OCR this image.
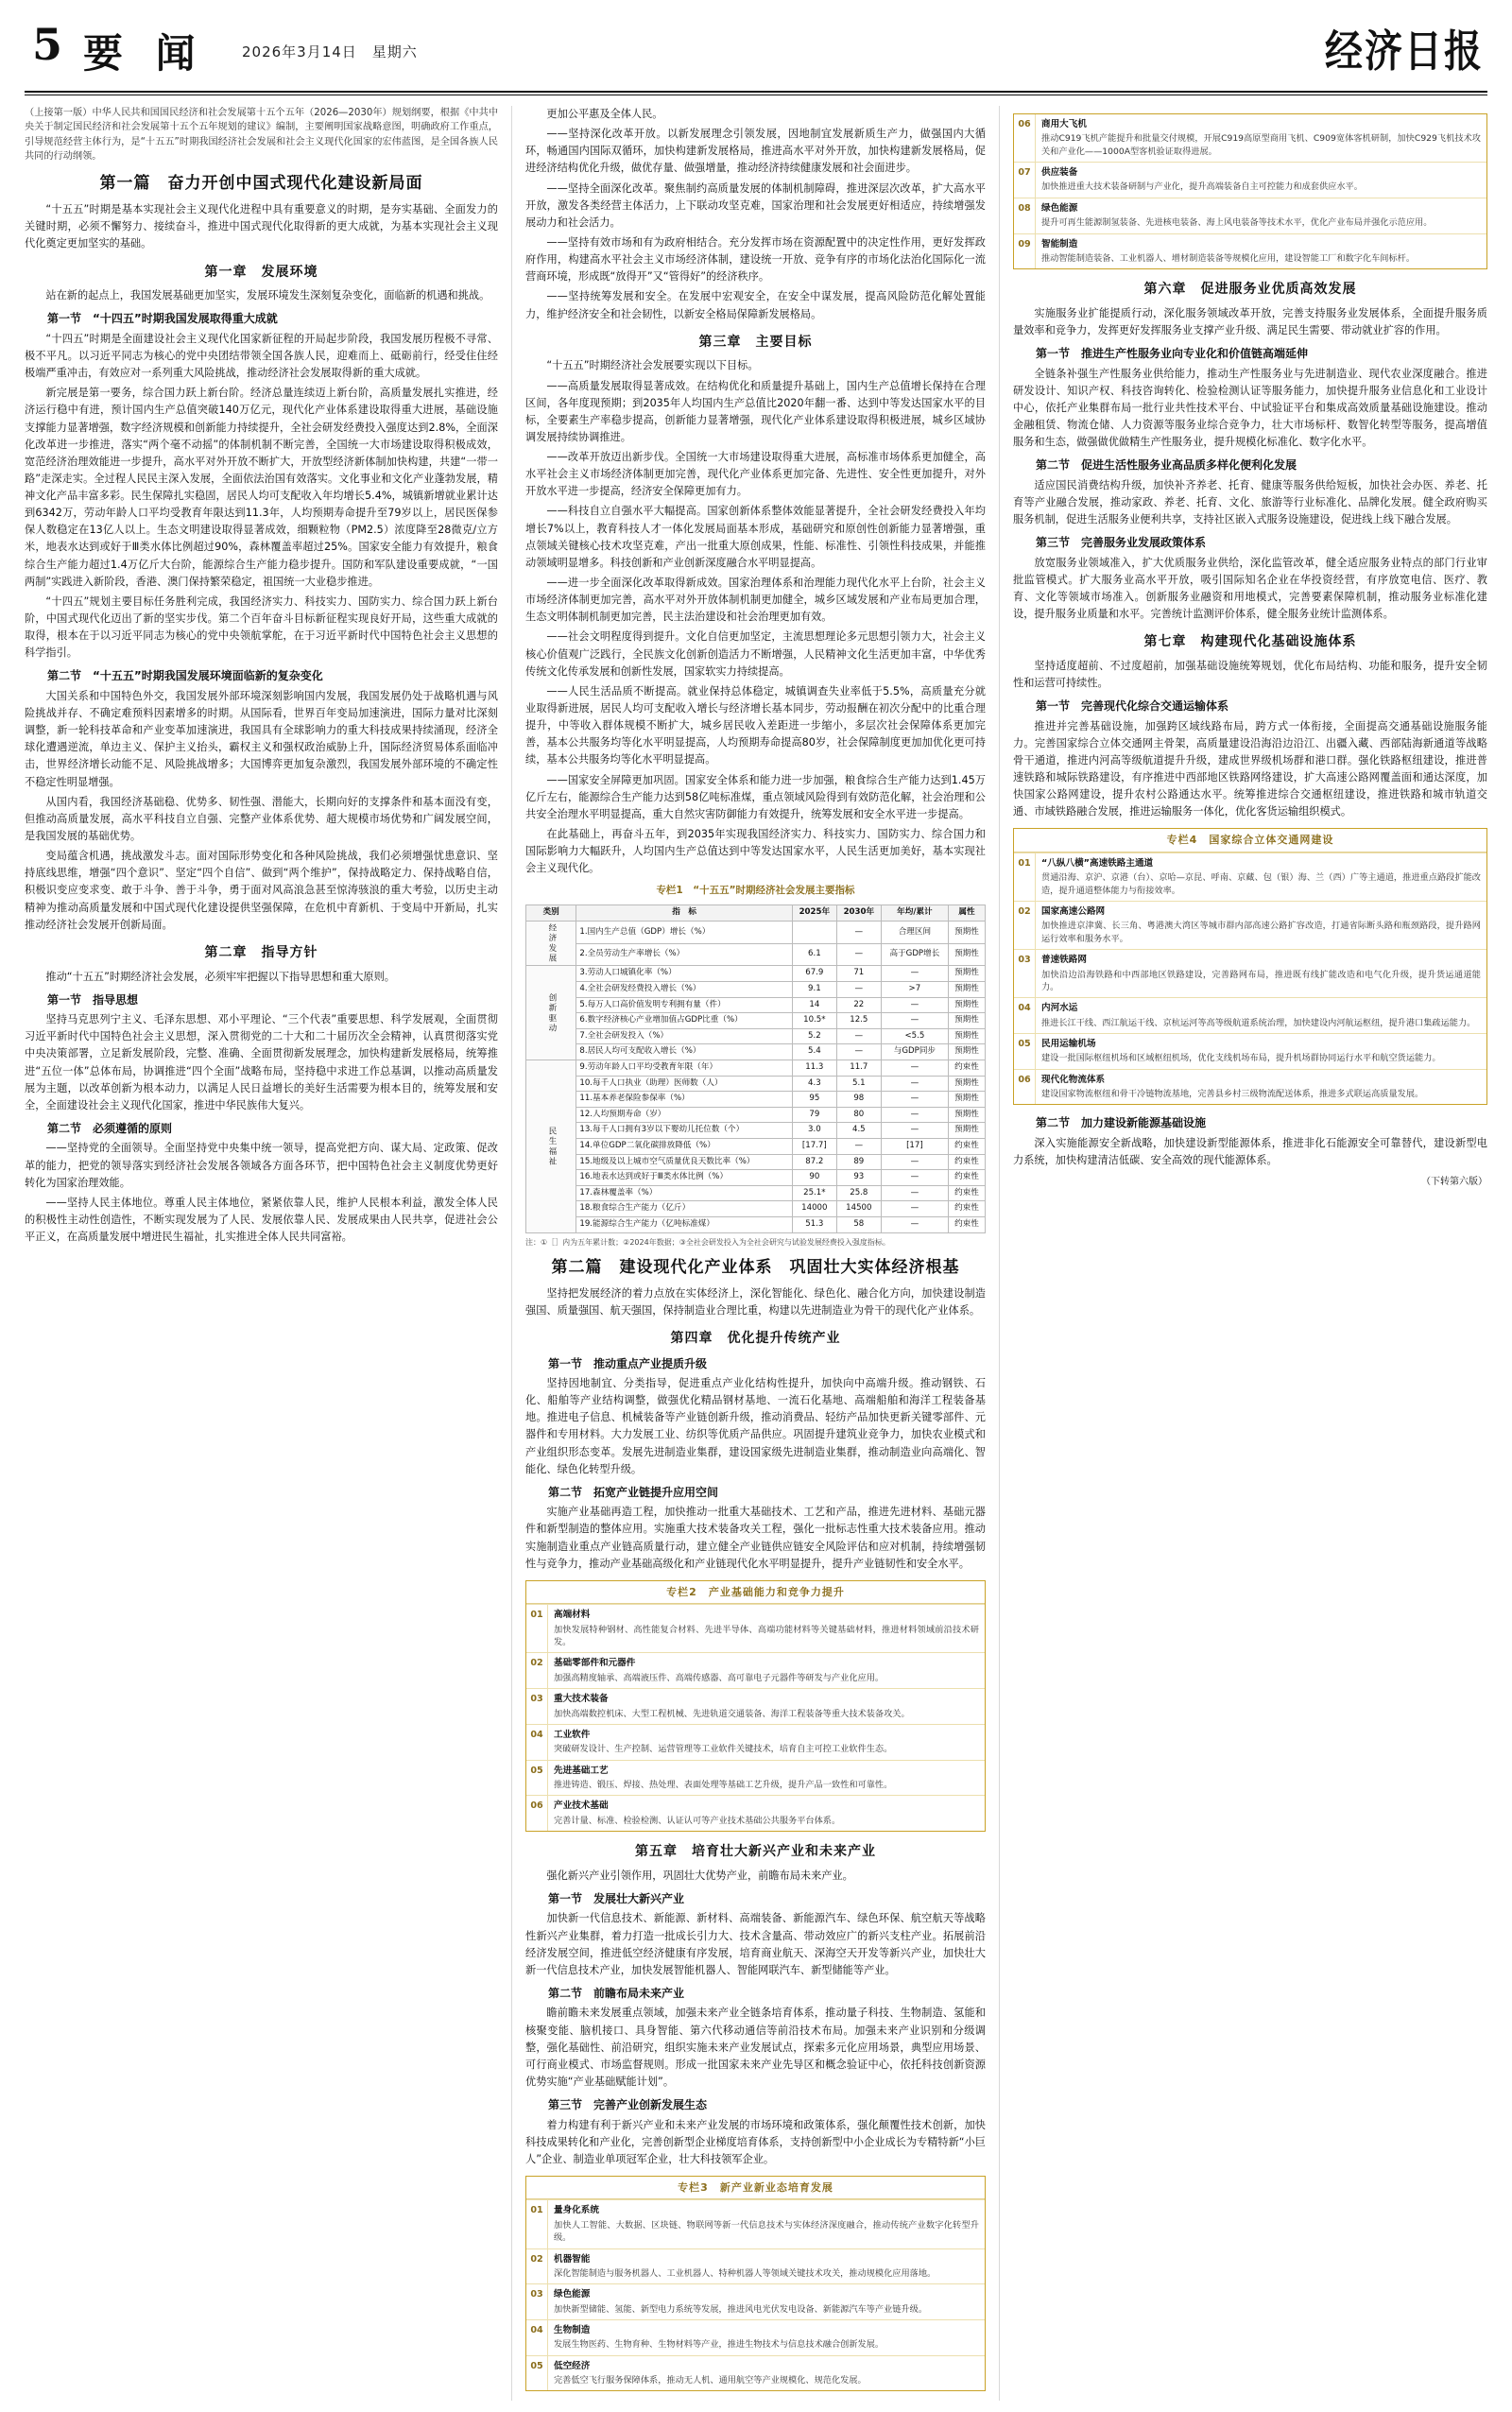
5 要 闻	2026年3月14日　星期六	经济日报

（上接第一版）中华人民共和国国民经济和社会发展第十五个五年（2026—2030年）规划纲要，根据《中共中央关于制定国民经济和社会发展第十五个五年规划的建议》编制，主要阐明国家战略意图，明确政府工作重点，引导规范经营主体行为，是“十五五”时期我国经济社会发展和社会主义现代化国家的宏伟蓝图，是全国各族人民共同的行动纲领。

第一篇　奋力开创中国式现代化建设新局面

“十五五”时期是基本实现社会主义现代化进程中具有重要意义的时期，是夯实基础、全面发力的关键时期，必须不懈努力、接续奋斗，推进中国式现代化取得新的更大成就，为基本实现社会主义现代化奠定更加坚实的基础。

第一章　发展环境

站在新的起点上，我国发展基础更加坚实，发展环境发生深刻复杂变化，面临新的机遇和挑战。

第一节　“十四五”时期我国发展取得重大成就

“十四五”时期是全面建设社会主义现代化国家新征程的开局起步阶段，我国发展历程极不寻常、极不平凡。以习近平同志为核心的党中央团结带领全国各族人民，迎难而上、砥砺前行，经受住住经极端严重冲击，有效应对一系列重大风险挑战，推动经济社会发展取得新的重大成就。

新完展是第一要务，综合国力跃上新台阶。经济总量连续迈上新台阶，高质量发展扎实推进，经济运行稳中有进，预计国内生产总值突破140万亿元，现代化产业体系建设取得重大进展，基础设施支撑能力显著增强，数字经济规模和创新能力持续提升，全社会研发经费投入强度达到2.8%，全面深化改革进一步推进，落实“两个毫不动摇”的体制机制不断完善，全国统一大市场建设取得积极成效，宽范经济治理效能进一步提升，高水平对外开放不断扩大，开放型经济新体制加快构建，共建“一带一路”走深走实。全过程人民民主深入发展，全面依法治国有效落实。文化事业和文化产业蓬勃发展，精神文化产品丰富多彩。民生保障扎实稳固，居民人均可支配收入年均增长5.4%，城镇新增就业累计达到6342万，劳动年龄人口平均受教育年限达到11.3年，人均预期寿命提升至79岁以上，居民医保参保人数稳定在13亿人以上。生态文明建设取得显著成效，细颗粒物（PM2.5）浓度降至28微克/立方米，地表水达到或好于Ⅲ类水体比例超过90%，森林覆盖率超过25%。国家安全能力有效提升，粮食综合生产能力超过1.4万亿斤大台阶，能源综合生产能力稳步提升。国防和军队建设重要成就，“一国两制”实践进入新阶段，香港、澳门保持繁荣稳定，祖国统一大业稳步推进。

“十四五”规划主要目标任务胜利完成，我国经济实力、科技实力、国防实力、综合国力跃上新台阶，中国式现代化迈出了新的坚实步伐。第二个百年奋斗目标新征程实现良好开局，这些重大成就的取得，根本在于以习近平同志为核心的党中央领航掌舵，在于习近平新时代中国特色社会主义思想的科学指引。

第二节　“十五五”时期我国发展环境面临新的复杂变化

大国关系和中国特色外交，我国发展外部环境深刻影响国内发展，我国发展仍处于战略机遇与风险挑战并存、不确定难预料因素增多的时期。从国际看，世界百年变局加速演进，国际力量对比深刻调整，新一轮科技革命和产业变革加速演进，我国具有全球影响力的重大科技成果持续涌现，经济全球化遭遇逆流，单边主义、保护主义抬头，霸权主义和强权政治威胁上升，国际经济贸易体系面临冲击，世界经济增长动能不足、风险挑战增多；大国博弈更加复杂激烈，我国发展外部环境的不确定性不稳定性明显增强。

从国内看，我国经济基础稳、优势多、韧性强、潜能大，长期向好的支撑条件和基本面没有变，但推动高质量发展，高水平科技自立自强、完整产业体系优势、超大规模市场优势和广阔发展空间，是我国发展的基础优势。

变局蕴含机遇，挑战激发斗志。面对国际形势变化和各种风险挑战，我们必须增强忧患意识、坚持底线思维，增强“四个意识”、坚定“四个自信”、做到“两个维护”，保持战略定力、保持战略自信，积极识变应变求变、敢于斗争、善于斗争，勇于面对风高浪急甚至惊涛骇浪的重大考验，以历史主动精神为推动高质量发展和中国式现代化建设提供坚强保障，在危机中育新机、于变局中开新局，扎实推动经济社会发展开创新局面。

第二章　指导方针

推动“十五五”时期经济社会发展，必须牢牢把握以下指导思想和重大原则。

第一节　指导思想

坚持马克思列宁主义、毛泽东思想、邓小平理论、“三个代表”重要思想、科学发展观，全面贯彻习近平新时代中国特色社会主义思想，深入贯彻党的二十大和二十届历次全会精神，认真贯彻落实党中央决策部署，立足新发展阶段，完整、准确、全面贯彻新发展理念，加快构建新发展格局，统筹推进“五位一体”总体布局，协调推进“四个全面”战略布局，坚持稳中求进工作总基调，以推动高质量发展为主题，以改革创新为根本动力，以满足人民日益增长的美好生活需要为根本目的，统筹发展和安全，全面建设社会主义现代化国家，推进中华民族伟大复兴。

第二节　必须遵循的原则

——坚持党的全面领导。全面坚持党中央集中统一领导，提高党把方向、谋大局、定政策、促改革的能力，把党的领导落实到经济社会发展各领域各方面各环节，把中国特色社会主义制度优势更好转化为国家治理效能。

——坚持人民主体地位。尊重人民主体地位，紧紧依靠人民，维护人民根本利益，激发全体人民的积极性主动性创造性，不断实现发展为了人民、发展依靠人民、发展成果由人民共享，促进社会公平正义，在高质量发展中增进民生福祉，扎实推进全体人民共同富裕。

更加公平惠及全体人民。

——坚持深化改革开放。以新发展理念引领发展，因地制宜发展新质生产力，做强国内大循环，畅通国内国际双循环，加快构建新发展格局，推进高水平对外开放，加快构建新发展格局，促进经济结构优化升级，做优存量、做强增量，推动经济持续健康发展和社会面进步。

——坚持全面深化改革。聚焦制约高质量发展的体制机制障碍，推进深层次改革，扩大高水平开放，激发各类经营主体活力，上下联动攻坚克难，国家治理和社会发展更好相适应，持续增强发展动力和社会活力。

——坚持有效市场和有为政府相结合。充分发挥市场在资源配置中的决定性作用，更好发挥政府作用，构建高水平社会主义市场经济体制，建设统一开放、竞争有序的市场化法治化国际化一流营商环境，形成既“放得开”又“管得好”的经济秩序。

——坚持统筹发展和安全。在发展中宏观安全，在安全中谋发展，提高风险防范化解处置能力，维护经济安全和社会韧性，以新安全格局保障新发展格局。

第三章　主要目标

“十五五”时期经济社会发展要实现以下目标。

——高质量发展取得显著成效。在结构优化和质量提升基础上，国内生产总值增长保持在合理区间，各年度现预期；到2035年人均国内生产总值比2020年翻一番、达到中等发达国家水平的目标，全要素生产率稳步提高，创新能力显著增强，现代化产业体系建设取得积极进展，城乡区域协调发展持续协调推进。

——改革开放迈出新步伐。全国统一大市场建设取得重大进展，高标准市场体系更加健全，高水平社会主义市场经济体制更加完善，现代化产业体系更加完备、先进性、安全性更加提升，对外开放水平进一步提高，经济安全保障更加有力。

——科技自立自强水平大幅提高。国家创新体系整体效能显著提升，全社会研发经费投入年均增长7%以上，教育科技人才一体化发展局面基本形成，基础研究和原创性创新能力显著增强，重点领域关键核心技术攻坚克难，产出一批重大原创成果，性能、标准性、引领性科技成果，并能推动领域明显增多。科技创新和产业创新深度融合水平明显提高。

——进一步全面深化改革取得新成效。国家治理体系和治理能力现代化水平上台阶，社会主义市场经济体制更加完善，高水平对外开放体制机制更加健全，城乡区域发展和产业布局更加合理，生态文明体制机制更加完善，民主法治建设和社会治理更加有效。

——社会文明程度得到提升。文化自信更加坚定，主流思想理论多元思想引领力大，社会主义核心价值观广泛践行，全民族文化创新创造活力不断增强，人民精神文化生活更加丰富，中华优秀传统文化传承发展和创新性发展，国家软实力持续提高。

——人民生活品质不断提高。就业保持总体稳定，城镇调查失业率低于5.5%，高质量充分就业取得新进展，居民人均可支配收入增长与经济增长基本同步，劳动报酬在初次分配中的比重合理提升，中等收入群体规模不断扩大，城乡居民收入差距进一步缩小，多层次社会保障体系更加完善，基本公共服务均等化水平明显提高，人均预期寿命提高80岁，社会保障制度更加加优化更可持续，基本公共服务均等化水平明显提高。

——国家安全屏障更加巩固。国家安全体系和能力进一步加强，粮食综合生产能力达到1.45万亿斤左右，能源综合生产能力达到58亿吨标准煤，重点领域风险得到有效防范化解，社会治理和公共安全治理水平明显提高，重大自然灾害防御能力有效提升，统筹发展和安全水平进一步提高。

在此基础上，再奋斗五年，到2035年实现我国经济实力、科技实力、国防实力、综合国力和国际影响力大幅跃升，人均国内生产总值达到中等发达国家水平，人民生活更加美好，基本实现社会主义现代化。

专栏1　“十五五”时期经济社会发展主要指标
类别	指　标	2025年	2030年	年均/累计	属性
经济发展	1.国内生产总值（GDP）增长（%）		—	合理区间	预期性
	2.全员劳动生产率增长（%）	6.1	—	高于GDP增长	预期性
创新驱动	3.劳动人口城镇化率（%）	67.9	71	—	预期性
	4.全社会研发经费投入增长（%）	9.1	—	>7	预期性
	5.每万人口高价值发明专利拥有量（件）	14	22	—	预期性
	6.数字经济核心产业增加值占GDP比重（%）	10.5*	12.5	—	预期性
	7.全社会研发投入（%）	5.2	—	<5.5	预期性
	8.居民人均可支配收入增长（%）	5.4	—	与GDP同步	预期性
民生福祉	9.劳动年龄人口平均受教育年限（年）	11.3	11.7	—	约束性
	10.每千人口执业（助理）医师数（人）	4.3	5.1	—	预期性
	11.基本养老保险参保率（%）	95	98	—	预期性
	12.人均预期寿命（岁）	79	80	—	预期性
	13.每千人口拥有3岁以下婴幼儿托位数（个）	3.0	4.5	—	预期性
	14.单位GDP二氧化碳排放降低（%）	[17.7]	—	[17]	约束性
	15.地级及以上城市空气质量优良天数比率（%）	87.2	89	—	约束性
	16.地表水达到或好于Ⅲ类水体比例（%）	90	93	—	约束性
	17.森林覆盖率（%）	25.1*	25.8	—	约束性
	18.粮食综合生产能力（亿斤）	14000	14500	—	约束性
	19.能源综合生产能力（亿吨标准煤）	51.3	58	—	约束性

注：①［］内为五年累计数；②2024年数据；③全社会研发投入为全社会研究与试验发展经费投入强度指标。

第二篇　建设现代化产业体系　巩固壮大实体经济根基

坚持把发展经济的着力点放在实体经济上，深化智能化、绿色化、融合化方向，加快建设制造强国、质量强国、航天强国，保持制造业合理比重，构建以先进制造业为骨干的现代化产业体系。

第四章　优化提升传统产业
第一节　推动重点产业提质升级

坚持因地制宜、分类指导，促进重点产业化结构性提升，加快向中高端升级。推动钢铁、石化、船舶等产业结构调整，做强优化精品钢材基地、一流石化基地、高端船舶和海洋工程装备基地。推进电子信息、机械装备等产业链创新升级，推动消费品、轻纺产品加快更新关键零部件、元器件和专用材料。大力发展工业、纺织等优质产品供应。巩固提升建筑业竞争力，加快农业模式和产业组织形态变革。发展先进制造业集群，建设国家级先进制造业集群，推动制造业向高端化、智能化、绿色化转型升级。

第二节　拓宽产业链提升应用空间

实施产业基础再造工程，加快推动一批重大基础技术、工艺和产品，推进先进材料、基础元器件和新型制造的整体应用。实施重大技术装备攻关工程，强化一批标志性重大技术装备应用。推动实施制造业重点产业链高质量行动，建立健全产业链供应链安全风险评估和应对机制，持续增强韧性与竞争力，推动产业基础高级化和产业链现代化水平明显提升，提升产业链韧性和安全水平。

专栏2　产业基础能力和竞争力提升
01	高端材料
加快发展特种钢材、高性能复合材料、先进半导体、高端功能材料等关键基础材料，推进材料领域前沿技术研发。
02	基础零部件和元器件
加强高精度轴承、高端液压件、高端传感器、高可靠电子元器件等研发与产业化应用。
03	重大技术装备
加快高端数控机床、大型工程机械、先进轨道交通装备、海洋工程装备等重大技术装备攻关。
04	工业软件
突破研发设计、生产控制、运营管理等工业软件关键技术，培育自主可控工业软件生态。
05	先进基础工艺
推进铸造、锻压、焊接、热处理、表面处理等基础工艺升级，提升产品一致性和可靠性。
06	产业技术基础
完善计量、标准、检验检测、认证认可等产业技术基础公共服务平台体系。
第五章　培育壮大新兴产业和未来产业

强化新兴产业引领作用，巩固壮大优势产业，前瞻布局未来产业。

第一节　发展壮大新兴产业

加快新一代信息技术、新能源、新材料、高端装备、新能源汽车、绿色环保、航空航天等战略性新兴产业集群，着力打造一批成长引力大、技术含量高、带动效应广的新兴支柱产业。拓展前沿经济发展空间，推进低空经济健康有序发展，培育商业航天、深海空天开发等新兴产业，加快壮大新一代信息技术产业，加快发展智能机器人、智能网联汽车、新型储能等产业。

第二节　前瞻布局未来产业

瞻前瞻未来发展重点领域，加强未来产业全链条培育体系，推动量子科技、生物制造、氢能和核聚变能、脑机接口、具身智能、第六代移动通信等前沿技术布局。加强未来产业识别和分级调整，强化基础性、前沿研究，组织实施未来产业发展试点，探索多元化应用场景，典型应用场景、可行商业模式、市场监督规则。形成一批国家未来产业先导区和概念验证中心，依托科技创新资源优势实施“产业基础赋能计划”。

第三节　完善产业创新发展生态

着力构建有利于新兴产业和未来产业发展的市场环境和政策体系，强化颠覆性技术创新，加快科技成果转化和产业化，完善创新型企业梯度培育体系，支持创新型中小企业成长为专精特新“小巨人”企业、制造业单项冠军企业，壮大科技领军企业。

专栏3　新产业新业态培育发展
01	量身化系统
加快人工智能、大数据、区块链、物联网等新一代信息技术与实体经济深度融合，推动传统产业数字化转型升级。
02	机器智能
深化智能制造与服务机器人、工业机器人、特种机器人等领域关键技术攻关，推动规模化应用落地。
03	绿色能源
加快新型储能、氢能、新型电力系统等发展，推进风电光伏发电设备、新能源汽车等产业链升级。
04	生物制造
发展生物医药、生物育种、生物材料等产业，推进生物技术与信息技术融合创新发展。
05	低空经济
完善低空飞行服务保障体系，推动无人机、通用航空等产业规模化、规范化发展。
06	商用大飞机
推动C919飞机产能提升和批量交付规模，开展C919高原型商用飞机、C909宽体客机研制，加快C929飞机技术攻关和产业化——1000A型客机验证取得进展。
07	供应装备
加快推进重大技术装备研制与产业化，提升高端装备自主可控能力和成套供应水平。
08	绿色能源
提升可再生能源制氢装备、先进核电装备、海上风电装备等技术水平，优化产业布局并强化示范应用。
09	智能制造
推动智能制造装备、工业机器人、增材制造装备等规模化应用，建设智能工厂和数字化车间标杆。
第六章　促进服务业优质高效发展

实施服务业扩能提质行动，深化服务领域改革开放，完善支持服务业发展体系，全面提升服务质量效率和竞争力，发挥更好发挥服务业支撑产业升级、满足民生需要、带动就业扩容的作用。

第一节　推进生产性服务业向专业化和价值链高端延伸

全链条补强生产性服务业供给能力，推动生产性服务业与先进制造业、现代农业深度融合。推进研发设计、知识产权、科技咨询转化、检验检测认证等服务能力，加快提升服务业信息化和工业设计中心，依托产业集群布局一批行业共性技术平台、中试验证平台和集成高效质量基础设施建设。推动金融租赁、物流仓储、人力资源等服务业综合竞争力，壮大市场标杆、数智化转型等服务，提高增值服务和生态，做强做优做精生产性服务业，提升规模化标准化、数字化水平。

第二节　促进生活性服务业高品质多样化便利化发展

适应国民消费结构升级，加快补齐养老、托育、健康等服务供给短板，加快社会办医、养老、托育等产业融合发展，推动家政、养老、托育、文化、旅游等行业标准化、品牌化发展。健全政府购买服务机制，促进生活服务业便利共享，支持社区嵌入式服务设施建设，促进线上线下融合发展。

第三节　完善服务业发展政策体系

放宽服务业领域准入，扩大优质服务业供给，深化监管改革，健全适应服务业特点的部门行业审批监管模式。扩大服务业高水平开放，吸引国际知名企业在华投资经营，有序放宽电信、医疗、教育、文化等领域市场准入。创新服务业融资和用地模式，完善要素保障机制，推动服务业标准化建设，提升服务业质量和水平。完善统计监测评价体系，健全服务业统计监测体系。

第七章　构建现代化基础设施体系

坚持适度超前、不过度超前，加强基础设施统筹规划，优化布局结构、功能和服务，提升安全韧性和运营可持续性。

第一节　完善现代化综合交通运输体系

推进并完善基础设施，加强跨区域线路布局，跨方式一体衔接，全面提高交通基础设施服务能力。完善国家综合立体交通网主骨架，高质量建设沿海沿边沿江、出疆入藏、西部陆海新通道等战略骨干通道，推进内河高等级航道提升升级，建成世界级机场群和港口群。强化铁路枢纽建设，推进普速铁路和城际铁路建设，有序推进中西部地区铁路网络建设，扩大高速公路网覆盖面和通达深度，加快国家公路网建设，提升农村公路通达水平。统筹推进综合交通枢纽建设，推进铁路和城市轨道交通、市域铁路融合发展，推进运输服务一体化，优化客货运输组织模式。

专栏4　国家综合立体交通网建设
01	“八纵八横”高速铁路主通道
贯通沿海、京沪、京港（台）、京哈—京昆、呼南、京藏、包（银）海、兰（西）广等主通道，推进重点路段扩能改造，提升通道整体能力与衔接效率。
02	国家高速公路网
加快推进京津冀、长三角、粤港澳大湾区等城市群内部高速公路扩容改造，打通省际断头路和瓶颈路段，提升路网运行效率和服务水平。
03	普速铁路网
加快沿边沿海铁路和中西部地区铁路建设，完善路网布局，推进既有线扩能改造和电气化升级，提升货运通道能力。
04	内河水运
推进长江干线、西江航运干线、京杭运河等高等级航道系统治理，加快建设内河航运枢纽，提升港口集疏运能力。
05	民用运输机场
建设一批国际枢纽机场和区域枢纽机场，优化支线机场布局，提升机场群协同运行水平和航空货运能力。
06	现代化物流体系
建设国家物流枢纽和骨干冷链物流基地，完善县乡村三级物流配送体系，推进多式联运高质量发展。
第二节　加力建设新能源基础设施

深入实施能源安全新战略，加快建设新型能源体系，推进非化石能源安全可靠替代，建设新型电力系统，加快构建清洁低碳、安全高效的现代能源体系。

（下转第六版）
